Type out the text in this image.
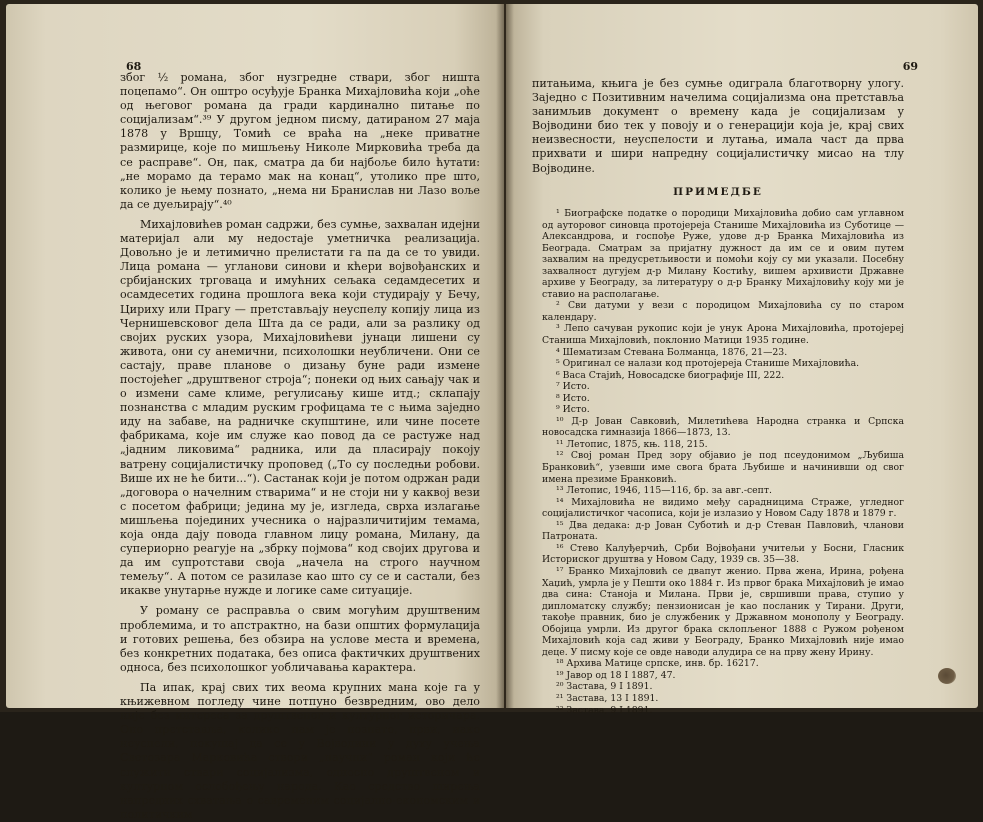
68

због ½ романа, због нузгредне ствари, због ништа поцепамо“. Он оштро осуђује Бранка Михајловића који „оће од његовог романа да гради кардинално питање по социјализам“.³⁹ У другом једном писму, датираном 27 маја 1878 у Вршцу, Томић се враћа на „неке приватне размирице, које по мишљењу Николе Мирковића треба да се расправе“. Он, пак, сматра да би најбоље било ћутати: „не морамо да терамо мак на конац“, утолико пре што, колико је њему познато, „нема ни Бранислав ни Лазо воље да се дуељирају“.⁴⁰

Михајловићев роман садржи, без сумње, захвалан идејни материјал али му недостаје уметничка реализација. Довољно је и летимично прелистати га па да се то увиди. Лица романа — угланови синови и кћери војвођанских и србијанских трговаца и имућних сељака седамдесетих и осамдесетих година прошлога века који студирају у Бечу, Цириху или Прагу — претстављају неуспелу копију лица из Чернишевсковог дела Шта да се ради, али за разлику од својих руских узора, Михајловићеви јунаци лишени су живота, они су анемични, психолошки неубличени. Они се састају, праве планове о дизању буне ради измене постојећег „друштвеног строја“; понеки од њих сањају чак и о измени саме климе, регулисању кише итд.; склапају познанства с младим руским грофицама те с њима заједно иду на забаве, на радничке скупштине, или чине посете фабрикама, које им служе као повод да се растуже над „јадним ликовима“ радника, или да пласирају покоју ватрену социјалистичку проповед („То су последњи робови. Више их не ће бити...“). Састанак који је потом одржан ради „договора о начелним стварима“ и не стоји ни у каквој вези с посетом фабрици; једина му је, изгледа, сврха излагање мишљења појединих учесника о најразличитијим темама, која онда дају повода главном лицу романа, Милану, да супериорно реагује на „збрку појмова“ код својих другова и да им супротстави своја „начела на строго научном темељу“. А потом се разилазе као што су се и састали, без икакве унутарње нужде и логике саме ситуације.

У роману се расправља о свим могућим друштвеним проблемима, и то апстрактно, на бази општих формулација и готових решења, без обзира на услове места и времена, без конкретних података, без описа фактичких друштвених односа, без психолошког уобличавања карактера.

Па ипак, крај свих тих веома крупних мана које га у књижевном погледу чине потпуно безвредним, ово дело није без интереса за друштвеног и културног историчара. Оно претставља, колико нам је познато, први, иако неуспели, покушај да се у Војводини у духу учења Светозара Марковића створи „научни“ роман који ће служити ствари социјализма, односно друштвеном и културном ослобођењу народа. Као средство ширења напредних схватања о савременим социјално-економским и политичким

69

питањима, књига је без сумње одиграла благотворну улогу. Заједно с Позитивним начелима социјализма она претставља занимљив документ о времену када је социјализам у Војводини био тек у повоју и о генерацији која је, крај свих неизвесности, неуспелости и лутања, имала част да прва прихвати и шири напредну социјалистичку мисао на тлу Војводине.

ПРИМЕДБЕ

¹ Биографске податке о породици Михајловића добио сам углавном од ауторовог синовца протојереја Станише Михајловића из Суботице — Александрова, и госпође Руже, удове д-р Бранка Михајловића из Београда. Сматрам за пријатну дужност да им се и овим путем захвалим на предусретљивости и помоћи коју су ми указали. Посебну захвалност дугујем д-р Милану Костићу, вишем архивисти Државне архиве у Београду, за литературу о д-р Бранку Михајловићу коју ми је ставио на располагање.

² Сви датуми у вези с породицом Михајловића су по старом календару.

³ Лепо сачуван рукопис који је унук Арона Михајловића, протојереј Станиша Михајловић, поклонио Матици 1935 године.

⁴ Шематизам Стевана Болманца, 1876, 21—23.

⁵ Оригинал се налази код протојереја Станише Михајловића.

⁶ Васа Стајић, Новосадске биографије III, 222.

⁷ Исто.

⁸ Исто.

⁹ Исто.

¹⁰ Д-р Јован Савковић, Милетићева Народна странка и Српска новосадска гимназија 1866—1873, 13.

¹¹ Летопис, 1875, књ. 118, 215.

¹² Свој роман Пред зору објавио је под псеудонимом „Љубиша Бранковић“, узевши име свога брата Љубише и начинивши од свог имена презиме Бранковић.

¹³ Летопис, 1946, 115—116, бр. за авг.-септ.

¹⁴ Михајловића не видимо међу сарадницима Страже, угледног социјалистичког часописа, који је излазио у Новом Саду 1878 и 1879 г.

¹⁵ Два дедака: д-р Јован Суботић и д-р Стеван Павловић, чланови Патроната.

¹⁶ Стево Калуђерчић, Срби Војвођани учитељи у Босни, Гласник Историског друштва у Новом Саду, 1939 св. 35—38.

¹⁷ Бранко Михајловић се двапут женио. Прва жена, Ирина, рођена Хаџић, умрла је у Пешти око 1884 г. Из првог брака Михајловић је имао два сина: Станоја и Милана. Први је, свршивши права, ступио у дипломатску службу; пензионисан је као посланик у Тирани. Други, такође правник, био је службеник у Државном монополу у Београду. Обојица умрли. Из другог брака склопљеног 1888 с Ружом рођеном Михајловић која сад живи у Београду, Бранко Михајловић није имао деце. У писму које се овде наводи алудира се на прву жену Ирину.

¹⁸ Архива Матице српске, инв. бр. 16217.

¹⁹ Јавор од 18 I 1887, 47.

²⁰ Застава, 9 I 1891.

²¹ Застава, 13 I 1891.

²² Застава, 9 I 1891.
